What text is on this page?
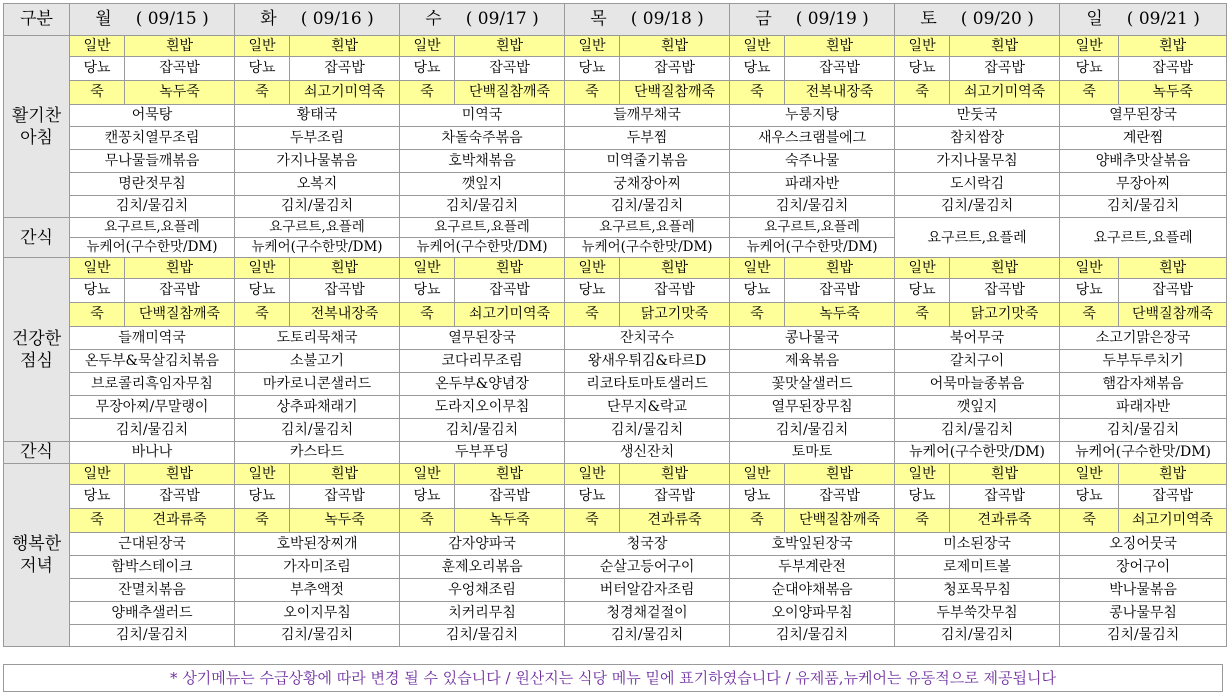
구분	월 ( 09/15 )		화 ( 09/16 )		수 ( 09/17 )		목 ( 09/18 )		금 ( 09/19 )		토 ( 09/20 )		일 ( 09/21 )	
활기찬 아침	일반	흰밥	일반	흰밥	일반	흰밥	일반	흰밥	일반	흰밥	일반	흰밥	일반	흰밥
	당뇨	잡곡밥	당뇨	잡곡밥	당뇨	잡곡밥	당뇨	잡곡밥	당뇨	잡곡밥	당뇨	잡곡밥	당뇨	잡곡밥
	죽	녹두죽	죽	쇠고기미역죽	죽	단백질참깨죽	죽	단백질참깨죽	죽	전복내장죽	죽	쇠고기미역죽	죽	녹두죽
	어묵탕		황태국		미역국		들깨무채국		누룽지탕		만둣국		열무된장국	
	캔꽁치열무조림		두부조림		차돌숙주볶음		두부찜		새우스크램블에그		참치쌈장		계란찜	
	무나물들깨볶음		가지나물볶음		호박채볶음		미역줄기볶음		숙주나물		가지나물무침		양배추맛살볶음	
	명란젓무침		오복지		깻잎지		궁채장아찌		파래자반		도시락김		무장아찌	
	김치/물김치		김치/물김치		김치/물김치		김치/물김치		김치/물김치		김치/물김치		김치/물김치	
간식	요구르트,요플레		요구르트,요플레		요구르트,요플레		요구르트,요플레		요구르트,요플레		요구르트,요플레		요구르트,요플레	
	뉴케어(구수한맛/DM)		뉴케어(구수한맛/DM)		뉴케어(구수한맛/DM)		뉴케어(구수한맛/DM)		뉴케어(구수한맛/DM)					
건강한 점심	일반	흰밥	일반	흰밥	일반	흰밥	일반	흰밥	일반	흰밥	일반	흰밥	일반	흰밥
	당뇨	잡곡밥	당뇨	잡곡밥	당뇨	잡곡밥	당뇨	잡곡밥	당뇨	잡곡밥	당뇨	잡곡밥	당뇨	잡곡밥
	죽	단백질참깨죽	죽	전복내장죽	죽	쇠고기미역죽	죽	닭고기맛죽	죽	녹두죽	죽	닭고기맛죽	죽	단백질참깨죽
	들깨미역국		도토리묵채국		열무된장국		잔치국수		콩나물국		북어무국		소고기맑은장국	
	온두부&묵살김치볶음		소불고기		코다리무조림		왕새우튀김&타르D		제육볶음		갈치구이		두부두루치기	
	브로콜리흑임자무침		마카로니콘샐러드		온두부&양념장		리코타토마토샐러드		꽃맛살샐러드		어묵마늘종볶음		햄감자채볶음	
	무장아찌/무말랭이		상추파채래기		도라지오이무침		단무지&락교		열무된장무침		깻잎지		파래자반	
	김치/물김치		김치/물김치		김치/물김치		김치/물김치		김치/물김치		김치/물김치		김치/물김치	
간식	바나나		카스타드		두부푸딩		생신잔치		토마토		뉴케어(구수한맛/DM)		뉴케어(구수한맛/DM)	
행복한 저녁	일반	흰밥	일반	흰밥	일반	흰밥	일반	흰밥	일반	흰밥	일반	흰밥	일반	흰밥
	당뇨	잡곡밥	당뇨	잡곡밥	당뇨	잡곡밥	당뇨	잡곡밥	당뇨	잡곡밥	당뇨	잡곡밥	당뇨	잡곡밥
	죽	견과류죽	죽	녹두죽	죽	녹두죽	죽	견과류죽	죽	단백질참깨죽	죽	견과류죽	죽	쇠고기미역죽
	근대된장국		호박된장찌개		감자양파국		청국장		호박잎된장국		미소된장국		오징어뭇국	
	함박스테이크		가자미조림		훈제오리볶음		순살고등어구이		두부계란전		로제미트볼		장어구이	
	잔멸치볶음		부추액젓		우엉채조림		버터알감자조림		순대야채볶음		청포묵무침		박나물볶음	
	양배추샐러드		오이지무침		치커리무침		청경채겉절이		오이양파무침		두부쑥갓무침		콩나물무침	
	김치/물김치		김치/물김치		김치/물김치		김치/물김치		김치/물김치		김치/물김치		김치/물김치	
* 상기메뉴는 수급상황에 따라 변경 될 수 있습니다 / 원산지는 식당 메뉴 밑에 표기하였습니다 / 유제품,뉴케어는 유동적으로 제공됩니다
